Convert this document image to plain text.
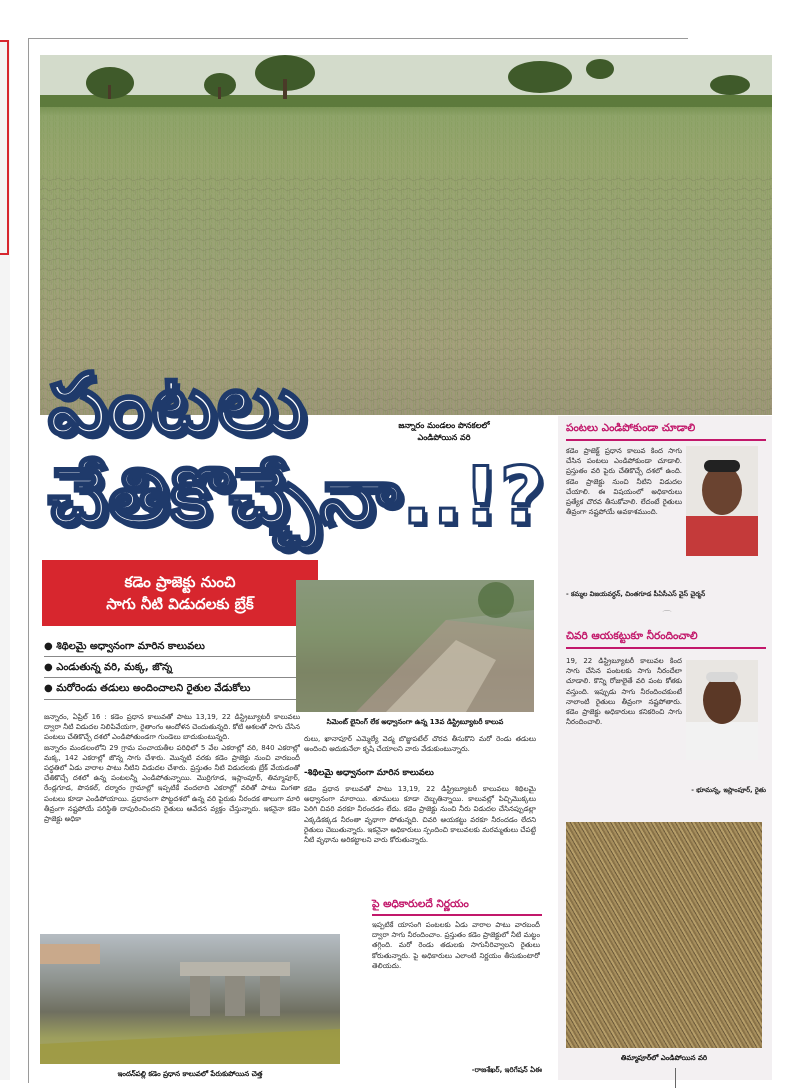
పంటలు
చేతికొచ్చేనా..!?
జన్నారం మండలం పొనకలలో
ఎండిపోయిన వరి
కడెం ప్రాజెక్టు నుంచి
సాగు నీటి విడుదలకు బ్రేక్
● శిథిలమై అధ్వానంగా మారిన కాలువలు
● ఎండుతున్న వరి, మక్క, జొన్న
● మరోరెండు తడులు అందించాలని రైతుల వేడుకోలు
జన్నారం, ఏప్రిల్ 16 : కడెం ప్రధాన కాలువతో పాటు 13,19, 22 డిస్ట్రిబ్యూటరీ కాలువలు ద్వారా నీటి విడుదల నిలిపివేయగా, రైతాంగం ఆందోళన చెందుతున్నది. కోటి ఆశలతో సాగు చేసిన పంటలు చేతికొచ్చే దశలో ఎండిపోతుండగా గుండెలు బాదుకుంటున్నది.
జన్నారం మండలంలోని 29 గ్రామ పంచాయతీల పరిధిలో 5 వేల ఎకరాల్లో వరి, 840 ఎకరాల్లో మక్క, 142 ఎకరాల్లో జొన్న సాగు చేశారు. మొన్నటి వరకు కడెం ప్రాజెక్టు నుంచి వారబందీ పద్ధతిలో ఏడు వారాల పాటు నీటిని విడుదల చేశారు. ప్రస్తుతం నీటి విడుదలకు బ్రేక్ వేయడంతో చేతికొచ్చే దశలో ఉన్న పంటలన్నీ ఎండిపోతున్నాయి. మొర్రిగూడ, ఇస్లాంపూర్, తిమ్మాపూర్, రేండ్లగూడ, పొనకల్, దర్మారం గ్రామాల్లో ఇప్పటికే వందలాది ఎకరాల్లో వరితో పాటు మిగతా పంటలు కూడా ఎండిపోయాయి. ప్రధానంగా పొట్టదశలో ఉన్న వరి పైరుకు నీరందక తాలుగా మారి తీవ్రంగా నష్టపోయే పరిస్థితి దాపురించిందని రైతులు ఆవేదన వ్యక్తం చేస్తున్నారు. ఇకనైనా కడెం ప్రాజెక్టు అధికా
సిమెంట్ లైనింగ్ లేక అధ్వానంగా ఉన్న 13వ డిస్ట్రిబ్యూటరీ కాలువ
రులు, ఖానాపూర్ ఎమ్మెల్యే వెడ్మ బొజ్జుపటేల్ చొరవ తీసుకొని మరో రెండు తడులు అందించి ఆదుకునేలా కృషి చేయాలని వారు వేడుకుంటున్నారు.
-శిథిలమై అధ్వానంగా మారిన కాలువలు
కడెం ప్రధాన కాలువతో పాటు 13,19, 22 డిస్ట్రిబ్యూటరీ కాలువలు శిథిలమై అధ్వానంగా మారాయి. తూములు కూడా దెబ్బతిన్నాయి. కాలువల్లో పిచ్చిమొక్కలు పెరిగి చివరి వరకూ నీరందడం లేదు. కడెం ప్రాజెక్టు నుంచి నీరు విడుదల చేసినప్పుడల్లా ఎక్కడికక్కడ నీరంతా వృథాగా పోతున్నది. చివరి ఆయకట్టు వరకూ నీరందడం లేదని రైతులు చెబుతున్నారు. ఇకనైనా అధికారులు స్పందించి కాలువలకు మరమ్మతులు చేపట్టి నీటి వృథాను అరికట్టాలని వారు కోరుతున్నారు.
పై అధికారులదే నిర్ణయం
ఇప్పటికే యాసంగి పంటలకు ఏడు వారాల పాటు వారబందీ ద్వారా సాగు నీరందించాం. ప్రస్తుతం కడెం ప్రాజెక్టులో నీటి మట్టం తగ్గింది. మరో రెండు తడులకు సాగునీరివ్వాలని రైతులు కోరుతున్నారు. పై అధికారులు ఎలాంటి నిర్ణయం తీసుకుంటారో తెలియదు.
-రాజశేఖర్, ఇరిగేషన్ ఏఈ
ఇందన్‌పల్లి కడెం ప్రధాన కాలువలో పేరుకుపోయిన చెత్త
పంటలు ఎండిపోకుండా చూడాలి
కడెం ప్రాజెక్ట్ ప్రధాన కాలువ కింద సాగు చేసిన పంటలు ఎండిపోకుండా చూడాలి. ప్రస్తుతం వరి పైరు చేతికొచ్చే దశలో ఉంది. కడెం ప్రాజెక్టు నుంచి నీటిని విడుదల చేయాలి. ఈ విషయంలో అధికారులు ప్రత్యేక చొరవ తీసుకోవాలి. లేదంటే రైతులు తీవ్రంగా నష్టపోయే అవకాశముంది.
- కమ్మల విజయవర్ధన్, చింతగూడ పీఏసీఎస్ వైస్ చైర్మన్
⌒
చివరి ఆయకట్టుకూ నీరందించాలి
19, 22 డిస్ట్రిబ్యూటరీ కాలువల కింద సాగు చేసిన పంటలకు సాగు నీరందేలా చూడాలి. కొన్ని రోజులైతే వరి పంట కోతకు వస్తుంది. ఇప్పుడు సాగు నీరందించకుంటే నాలాంటి రైతులు తీవ్రంగా నష్టపోతారు. కడెం ప్రాజెక్టు అధికారులు కనికరించి సాగు నీరందించాలి.
- భూమన్న, ఇస్లాంపూర్, రైతు
తిమ్మాపూర్‌లో ఎండిపోయిన వరి
